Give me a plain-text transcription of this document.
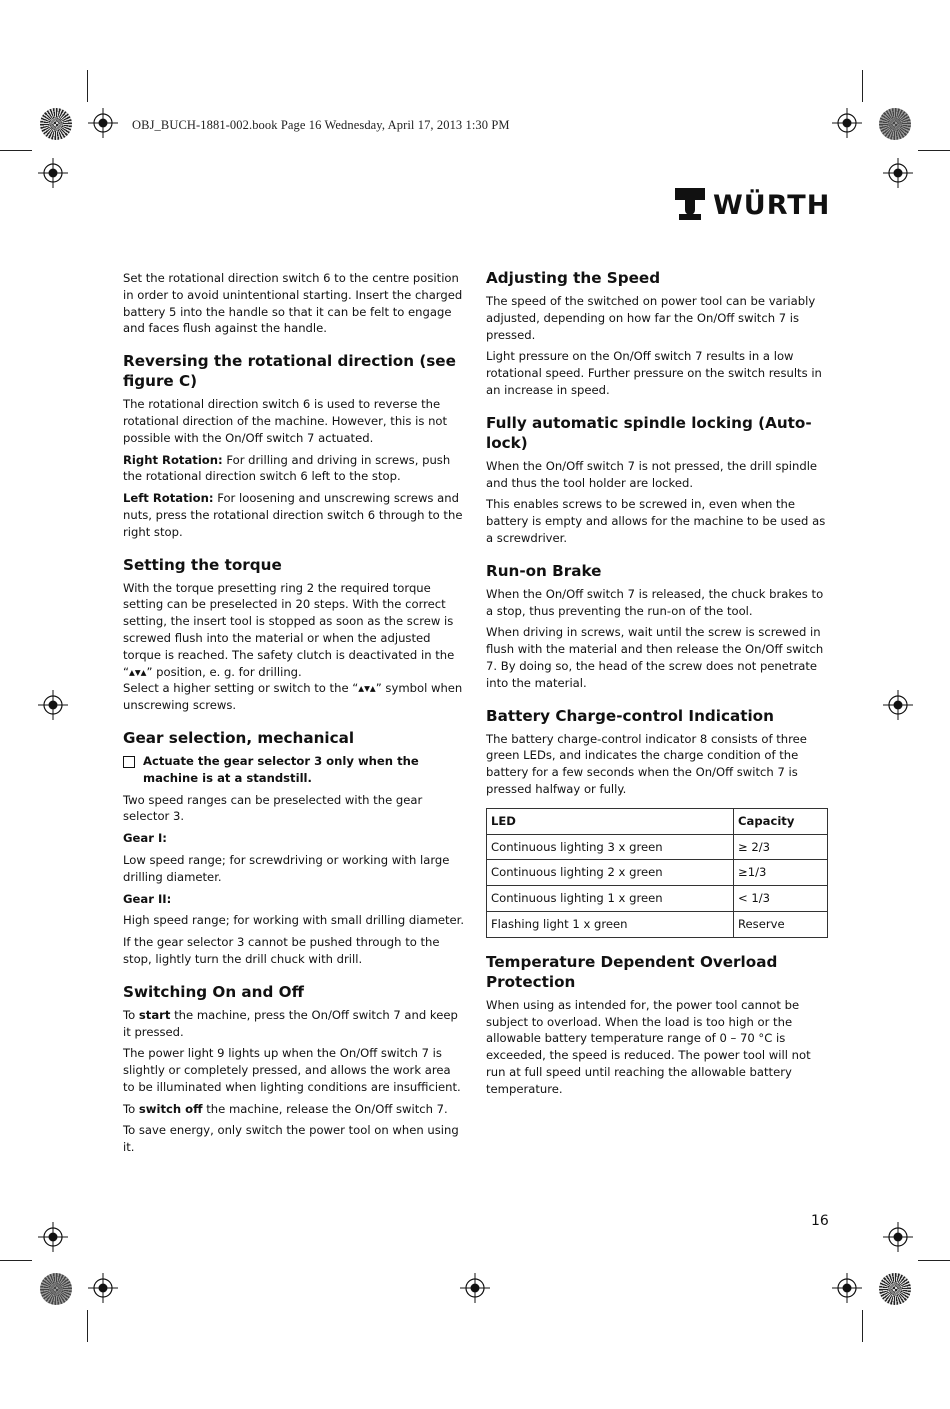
OBJ_BUCH-1881-002.book Page 16 Wednesday, April 17, 2013 1:30 PM
WÜRTH

Set the rotational direction switch 6 to the centre position in order to avoid unintentional starting. Insert the charged battery 5 into the handle so that it can be felt to engage and faces flush against the handle.

Reversing the rotational direction (see figure C)

The rotational direction switch 6 is used to reverse the rotational direction of the machine. However, this is not possible with the On/Off switch 7 actuated.

Right Rotation: For drilling and driving in screws, push the rotational direction switch 6 left to the stop.

Left Rotation: For loosening and unscrewing screws and nuts, press the rotational direction switch 6 through to the right stop.

Setting the torque

With the torque presetting ring 2 the required torque setting can be preselected in 20 steps. With the correct setting, the insert tool is stopped as soon as the screw is screwed flush into the material or when the adjusted torque is reached. The safety clutch is deactivated in the “▴▾▴” position, e. g. for drilling.

Select a higher setting or switch to the “▴▾▴” symbol when unscrewing screws.

Gear selection, mechanical
Actuate the gear selector 3 only when the machine is at a standstill.

Two speed ranges can be preselected with the gear selector 3.

Gear I:

Low speed range; for screwdriving or working with large drilling diameter.

Gear II:

High speed range; for working with small drilling diameter.

If the gear selector 3 cannot be pushed through to the stop, lightly turn the drill chuck with drill.

Switching On and Off

To start the machine, press the On/Off switch 7 and keep it pressed.

The power light 9 lights up when the On/Off switch 7 is slightly or completely pressed, and allows the work area to be illuminated when lighting conditions are insufficient.

To switch off the machine, release the On/Off switch 7.

To save energy, only switch the power tool on when using it.

Adjusting the Speed

The speed of the switched on power tool can be variably adjusted, depending on how far the On/Off switch 7 is pressed.

Light pressure on the On/Off switch 7 results in a low rotational speed. Further pressure on the switch results in an increase in speed.

Fully automatic spindle locking (Auto-lock)

When the On/Off switch 7 is not pressed, the drill spindle and thus the tool holder are locked.

This enables screws to be screwed in, even when the battery is empty and allows for the machine to be used as a screwdriver.

Run-on Brake

When the On/Off switch 7 is released, the chuck brakes to a stop, thus preventing the run-on of the tool.

When driving in screws, wait until the screw is screwed in flush with the material and then release the On/Off switch 7. By doing so, the head of the screw does not penetrate into the material.

Battery Charge-control Indication

The battery charge-control indicator 8 consists of three green LEDs, and indicates the charge condition of the battery for a few seconds when the On/Off switch 7 is pressed halfway or fully.

LED	Capacity
Continuous lighting 3 x green	≥ 2/3
Continuous lighting 2 x green	≥1/3
Continuous lighting 1 x green	< 1/3
Flashing light 1 x green	Reserve
Temperature Dependent Overload Protection

When using as intended for, the power tool cannot be subject to overload. When the load is too high or the allowable battery temperature range of 0 – 70 °C is exceeded, the speed is reduced. The power tool will not run at full speed until reaching the allowable battery temperature.

16
